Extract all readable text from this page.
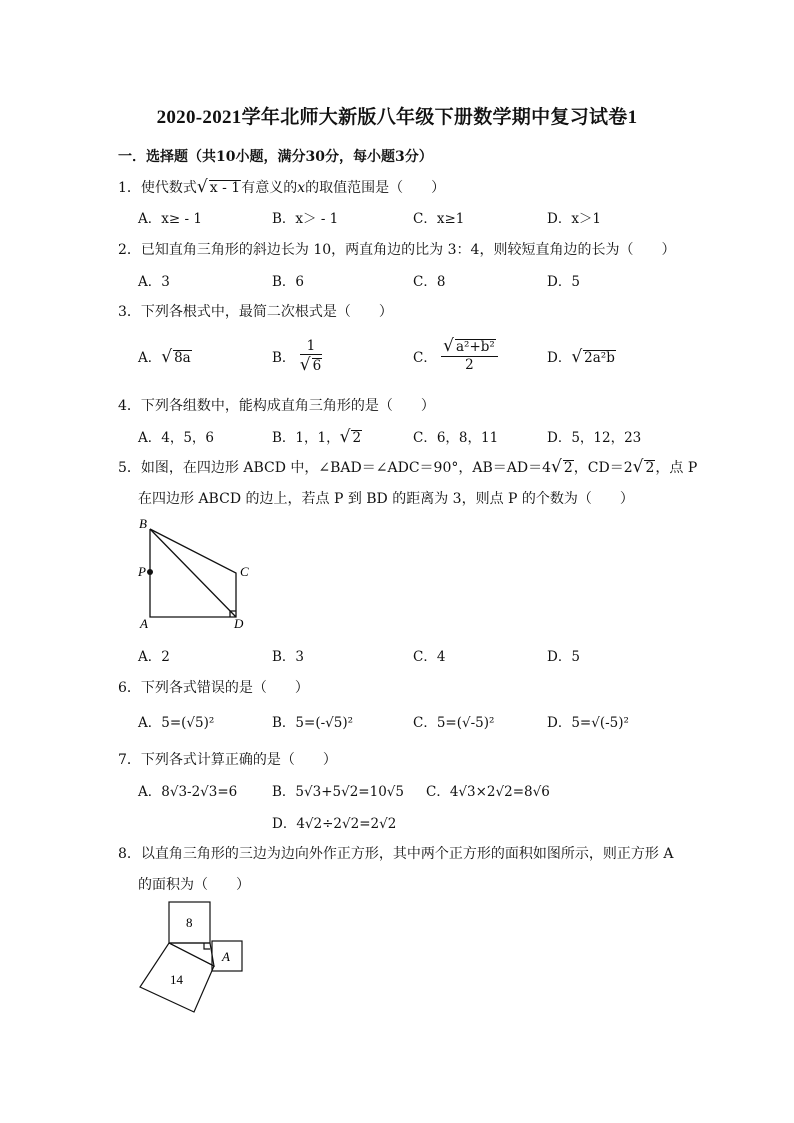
2020-2021学年北师大新版八年级下册数学期中复习试卷1
一．选择题（共10小题，满分30分，每小题3分）
1．使代数式√ x - 1有意义的x的取值范围是（　　）
A．x≥ - 1	B．x＞ - 1	C．x≥1	D．x＞1
2．已知直角三角形的斜边长为 10，两直角边的比为 3：4，则较短直角边的长为（　　）
A．3	B．6	C．8	D．5
3．下列各根式中，最简二次根式是（　　）
A．√ 8a	B． $\frac{1}{√ 6}$	C． $\frac{\text{√ a²+b²}}{2}$	D．√ 2a²b
4．下列各组数中，能构成直角三角形的是（　　）
A．4，5，6	B．1，1，√ 2	C．6，8，11	D．5，12，23
5．如图，在四边形 ABCD 中，∠BAD＝∠ADC＝90°，AB＝AD＝4√ 2，CD＝2√ 2，点 P
在四边形 ABCD 的边上，若点 P 到 BD 的距离为 3，则点 P 的个数为（　　）
B
P	C
A	D
A．2	B．3	C．4	D．5
6．下列各式错误的是（　　）
A．5=(√5)²	B．5=(-√5)²	C．5=(√-5)²	D．5=√(-5)²
7．下列各式计算正确的是（　　）
A．8√3-2√3=6	B．5√3+5√2=10√5 C．4√3×2√2=8√6
D．4√2÷2√2=2√2
8．以直角三角形的三边为边向外作正方形，其中两个正方形的面积如图所示，则正方形 A
的面积为（　　）
8
14
A
